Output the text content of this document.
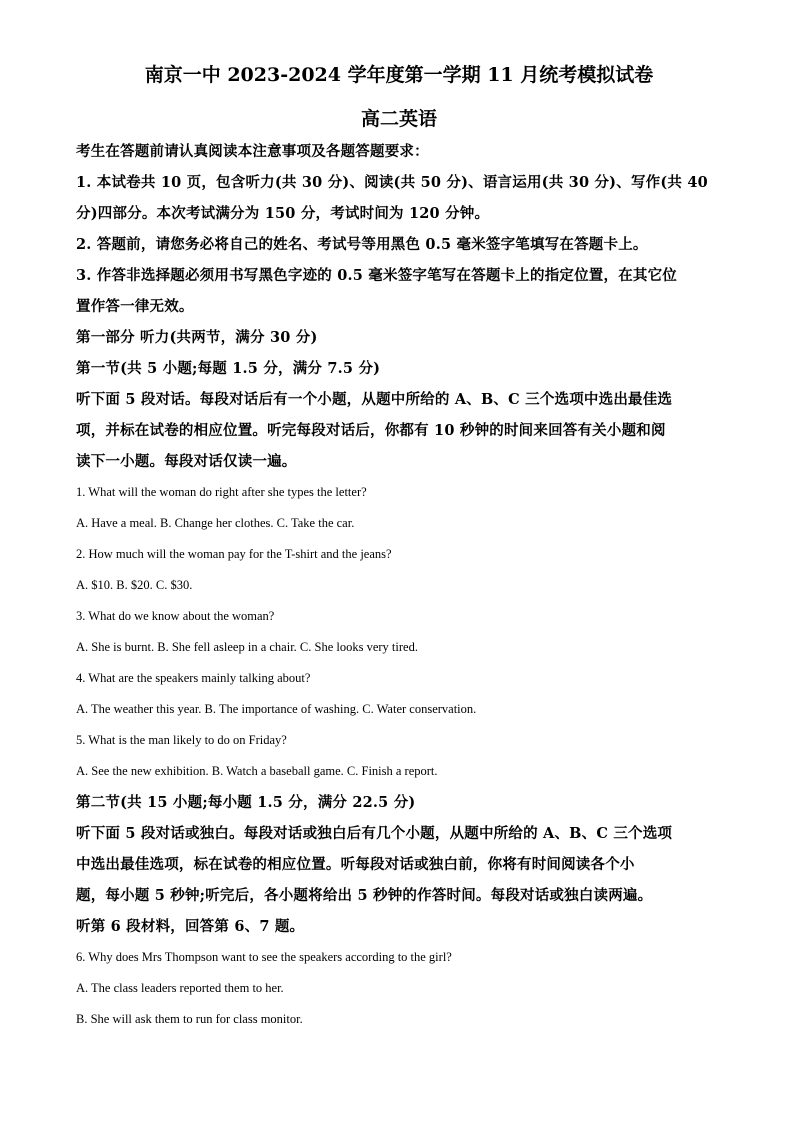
南京一中 2023-2024 学年度第一学期 11 月统考模拟试卷

高二英语

考生在答题前请认真阅读本注意事项及各题答题要求：

1. 本试卷共 10 页，包含听力(共 30 分)、阅读(共 50 分)、语言运用(共 30 分)、写作(共 40

分)四部分。本次考试满分为 150 分，考试时间为 120 分钟。

2. 答题前，请您务必将自己的姓名、考试号等用黑色 0.5 毫米签字笔填写在答题卡上。

3. 作答非选择题必须用书写黑色字迹的 0.5 毫米签字笔写在答题卡上的指定位置，在其它位

置作答一律无效。

第一部分 听力(共两节，满分 30 分)

第一节(共 5 小题;每题 1.5 分，满分 7.5 分)

听下面 5 段对话。每段对话后有一个小题，从题中所给的 A、B、C 三个选项中选出最佳选

项，并标在试卷的相应位置。听完每段对话后，你都有 10 秒钟的时间来回答有关小题和阅

读下一小题。每段对话仅读一遍。

1. What will the woman do right after she types the letter?

A. Have a meal. B. Change her clothes. C. Take the car.

2. How much will the woman pay for the T-shirt and the jeans?

A. $10. B. $20. C. $30.

3. What do we know about the woman?

A. She is burnt. B. She fell asleep in a chair. C. She looks very tired.

4. What are the speakers mainly talking about?

A. The weather this year. B. The importance of washing. C. Water conservation.

5. What is the man likely to do on Friday?

A. See the new exhibition. B. Watch a baseball game. C. Finish a report.

第二节(共 15 小题;每小题 1.5 分，满分 22.5 分)

听下面 5 段对话或独白。每段对话或独白后有几个小题，从题中所给的 A、B、C 三个选项

中选出最佳选项，标在试卷的相应位置。听每段对话或独白前，你将有时间阅读各个小

题，每小题 5 秒钟;听完后，各小题将给出 5 秒钟的作答时间。每段对话或独白读两遍。

听第 6 段材料，回答第 6、7 题。

6. Why does Mrs Thompson want to see the speakers according to the girl?

A. The class leaders reported them to her.

B. She will ask them to run for class monitor.
